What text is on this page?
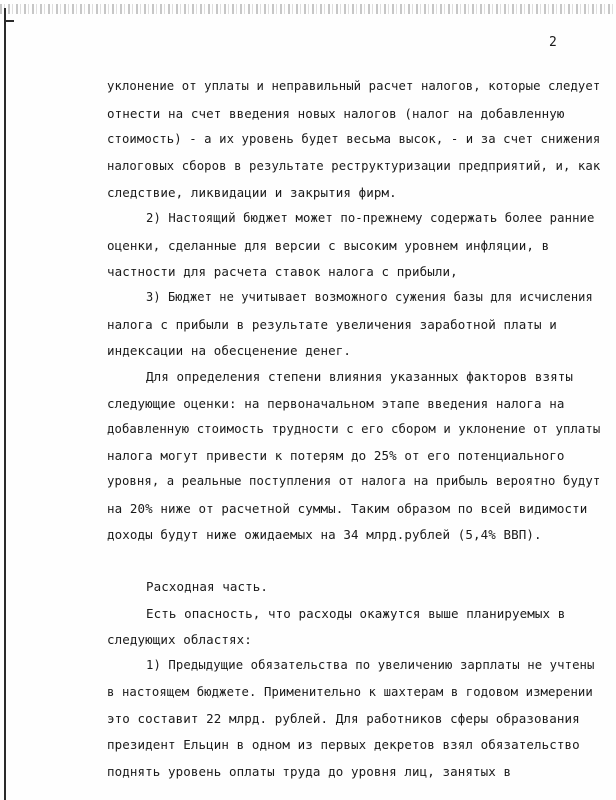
2
уклонение от уплаты и неправильный расчет налогов, которые следует
отнести на счет введения новых налогов (налог на добавленную
стоимость) - а их уровень будет весьма высок, - и за счет снижения
налоговых сборов в результате реструктуризации предприятий, и, как
следствие, ликвидации и закрытия фирм.
2) Настоящий бюджет может по-прежнему содержать более ранние
оценки, сделанные для версии с высоким уровнем инфляции, в
частности для расчета ставок налога с прибыли,
3) Бюджет не учитывает возможного сужения базы для исчисления
налога с прибыли в результате увеличения заработной платы и
индексации на обесценение денег.
Для определения степени влияния указанных факторов взяты
следующие оценки: на первоначальном этапе введения налога на
добавленную стоимость трудности с его сбором и уклонение от уплаты
налога могут привести к потерям до 25% от его потенциального
уровня, а реальные поступления от налога на прибыль вероятно будут
на 20% ниже от расчетной суммы. Таким образом по всей видимости
доходы будут ниже ожидаемых на 34 млрд.рублей (5,4% ВВП).
Расходная часть.
Есть опасность, что расходы окажутся выше планируемых в
следующих областях:
1) Предыдущие обязательства по увеличению зарплаты не учтены
в настоящем бюджете. Применительно к шахтерам в годовом измерении
это составит 22 млрд. рублей. Для работников сферы образования
президент Ельцин в одном из первых декретов взял обязательство
поднять уровень оплаты труда до уровня лиц, занятых в
